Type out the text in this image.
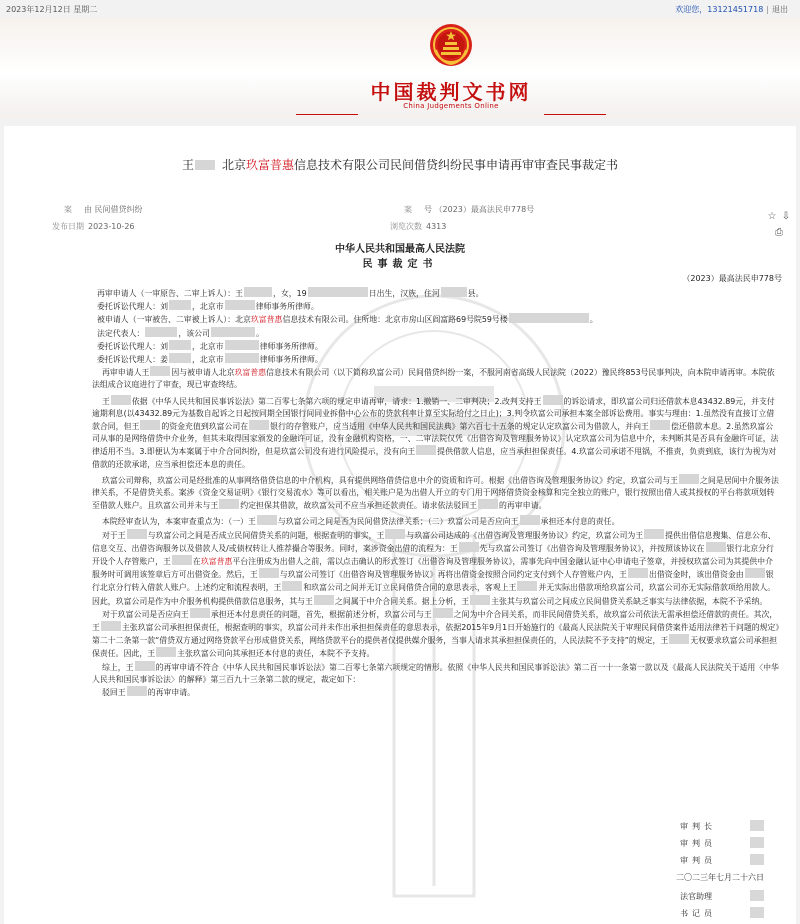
2023年12月12日 星期二	欢迎您，13121451718 | 退出
中国裁判文书网
China Judgements Online
王 北京玖富普惠信息技术有限公司民间借贷纠纷民事申请再审审查民事裁定书
案 由 民间借贷纠纷	案 号 （2023）最高法民申778号
发布日期 2023-10-26	浏览次数 4313
☆ ⇩
⎙
中华人民共和国最高人民法院
民事裁定书
（2023）最高法民申778号

再审申请人（一审原告、二审上诉人）：王	，女，19	日出生，汉族，住河	县。

委托诉讼代理人：刘	，北京市	律师事务所律师。

被申请人（一审被告、二审被上诉人）：北京玖富普惠信息技术有限公司。住所地：北京市房山区阎富路69号院59号楼	。

法定代表人：	，该公司	。

委托诉讼代理人：刘	，北京市	律师事务所律师。

委托诉讼代理人：姜	，北京市	律师事务所律师。

再审申请人王	因与被申请人北京玖富普惠信息技术有限公司（以下简称玖富公司）民间借贷纠纷一案，不服河南省高级人民法院（2022）豫民终853号民事判决，向本院申请再审。本院依法组成合议庭进行了审查，现已审查终结。

王	依据《中华人民共和国民事诉讼法》第二百零七条第六项的规定申请再审，请求：1.撤销一、二审判决；2.改判支持王	的诉讼请求，即玖富公司归还借款本息43432.89元，并支付逾期利息(以43432.89元为基数自起诉之日起按同期全国银行间同业拆借中心公布的贷款利率计算至实际给付之日止)；3.判令玖富公司承担本案全部诉讼费用。事实与理由：1.虽然没有直接订立借款合同，但王	的资金充值到玖富公司在	银行的存管账户，应当适用《中华人民共和国民法典》第六百七十五条的规定认定玖富公司为借款人，并向王	偿还借款本息。2.虽然玖富公司从事的是网络借贷中介业务，但其未取得国家颁发的金融许可证，没有金融机构资格，一、二审法院仅凭《出借咨询及管理服务协议》认定玖富公司为信息中介，未判断其是否具有金融许可证，法律适用不当。3.即便认为本案属于中介合同纠纷，但是玖富公司没有进行风险提示，没有向王	提供借款人信息，应当承担担保责任。4.玖富公司承诺不甩锅，不推责，负责到底，该行为视为对借款的还款承诺，应当承担偿还本息的责任。

玖富公司辩称，玖富公司是经批准的从事网络借贷信息的中介机构，具有提供网络借贷信息中介的资质和许可。根据《出借咨询及管理服务协议》约定，玖富公司与王	之间是居间中介服务法律关系，不是借贷关系。案涉《资金交易证明》《银行交易流水》等可以看出，相关账户是为出借人开立的专门用于网络借贷资金核算和完全独立的账户，银行按照出借人或其授权的平台将款项划转至借款人账户。且玖富公司并未与王	约定担保其借款，故玖富公司不应当承担还款责任。请求依法驳回王	的再审申请。

本院经审查认为，本案审查重点为：（一）王	与玖富公司之间是否为民间借贷法律关系；（二）玖富公司是否应向王	承担还本付息的责任。

对于王	与玖富公司之间是否成立民间借贷关系的问题，根据查明的事实，王	与玖富公司达成的《出借咨询及管理服务协议》约定，玖富公司为王	提供出借信息搜集、信息公布、信息交互、出借咨询服务以及借款人及/或债权转让人推荐撮合等服务。同时，案涉资金出借的流程为：王	先与玖富公司签订《出借咨询及管理服务协议》，并按照该协议在	银行北京分行开设个人存管账户，王	在玖富普惠平台注册成为出借人之前，需以点击确认的形式签订《出借咨询及管理服务协议》，需事先向中国金融认证中心申请电子签章，并授权玖富公司为其提供中介服务时可调用该签章后方可出借资金。然后，王	与玖富公司签订《出借咨询及管理服务协议》再将出借资金按照合同约定支付到个人存管账户内，王	出借资金时，该出借资金由	银行北京分行转入借款人账户。上述约定和流程表明，王	和玖富公司之间并无订立民间借贷合同的意思表示，客观上王	并无实际出借款项给玖富公司，玖富公司亦无实际借款项给用款人。因此，玖富公司是作为中介服务机构提供借款信息服务，其与王	之间属于中介合同关系。据上分析，王	主张其与玖富公司之间成立民间借贷关系缺乏事实与法律依据，本院不予采纳。

对于玖富公司是否应向王	承担还本付息责任的问题，首先，根据前述分析，玖富公司与王	之间为中介合同关系，而非民间借贷关系，故玖富公司依法无需承担偿还借款的责任。其次，王	主张玖富公司承担担保责任，根据查明的事实，玖富公司并未作出承担担保责任的意思表示，依据2015年9月1日开始施行的《最高人民法院关于审理民间借贷案件适用法律若干问题的规定》第二十二条第一款“借贷双方通过网络贷款平台形成借贷关系，网络贷款平台的提供者仅提供媒介服务，当事人请求其承担担保责任的，人民法院不予支持”的规定，王	无权要求玖富公司承担担保责任。因此，王	主张玖富公司向其承担还本付息的责任，本院不予支持。

综上，王	的再审申请不符合《中华人民共和国民事诉讼法》第二百零七条第六项规定的情形。依照《中华人民共和国民事诉讼法》第二百一十一条第一款以及《最高人民法院关于适用〈中华人民共和国民事诉讼法〉的解释》第三百九十三条第二款的规定，裁定如下：

驳回王	的再审申请。

审判长
审判员
审判员
二〇二三年七月二十六日
法官助理
书记员
